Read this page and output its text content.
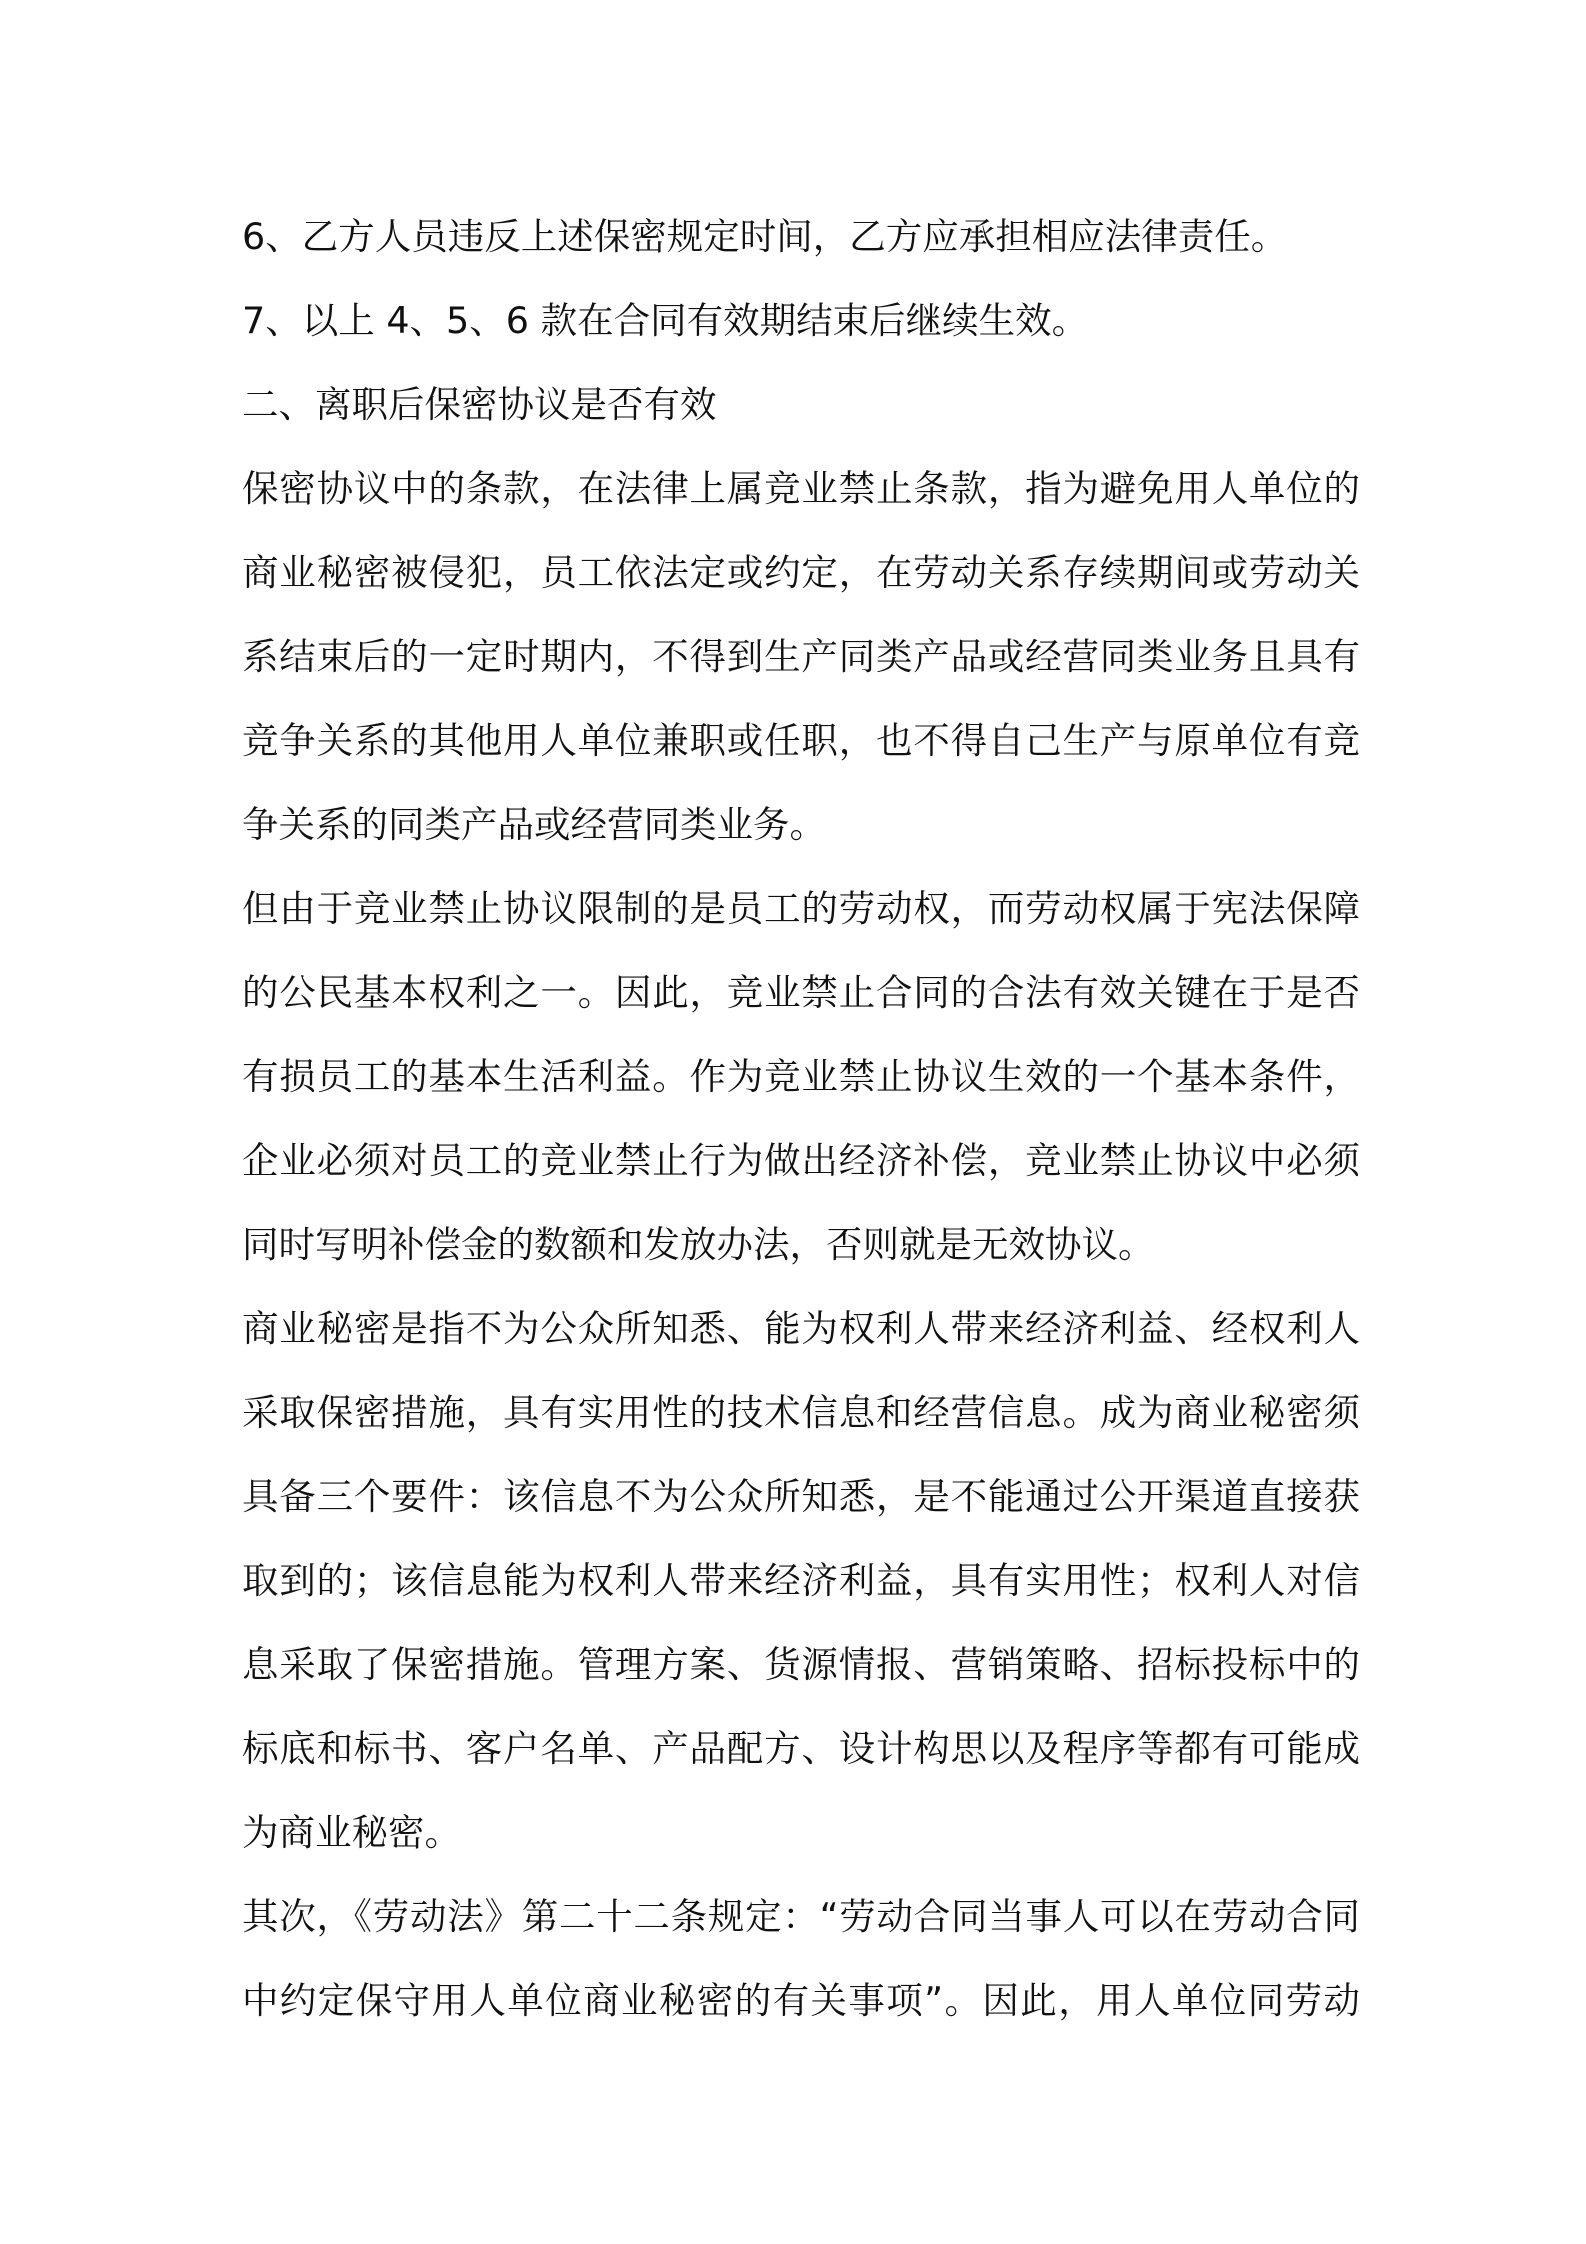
6、乙方人员违反上述保密规定时间，乙方应承担相应法律责任。
7、以上 4、5、6 款在合同有效期结束后继续生效。
二、离职后保密协议是否有效
保密协议中的条款，在法律上属竞业禁止条款，指为避免用人单位的
商业秘密被侵犯，员工依法定或约定，在劳动关系存续期间或劳动关
系结束后的一定时期内，不得到生产同类产品或经营同类业务且具有
竞争关系的其他用人单位兼职或任职，也不得自己生产与原单位有竞
争关系的同类产品或经营同类业务。
但由于竞业禁止协议限制的是员工的劳动权，而劳动权属于宪法保障
的公民基本权利之一。因此，竞业禁止合同的合法有效关键在于是否
有损员工的基本生活利益。作为竞业禁止协议生效的一个基本条件，
企业必须对员工的竞业禁止行为做出经济补偿，竞业禁止协议中必须
同时写明补偿金的数额和发放办法，否则就是无效协议。
商业秘密是指不为公众所知悉、能为权利人带来经济利益、经权利人
采取保密措施，具有实用性的技术信息和经营信息。成为商业秘密须
具备三个要件：该信息不为公众所知悉，是不能通过公开渠道直接获
取到的；该信息能为权利人带来经济利益，具有实用性；权利人对信
息采取了保密措施。管理方案、货源情报、营销策略、招标投标中的
标底和标书、客户名单、产品配方、设计构思以及程序等都有可能成
为商业秘密。
其次，《劳动法》第二十二条规定：“劳动合同当事人可以在劳动合同
中约定保守用人单位商业秘密的有关事项”。因此，用人单位同劳动
